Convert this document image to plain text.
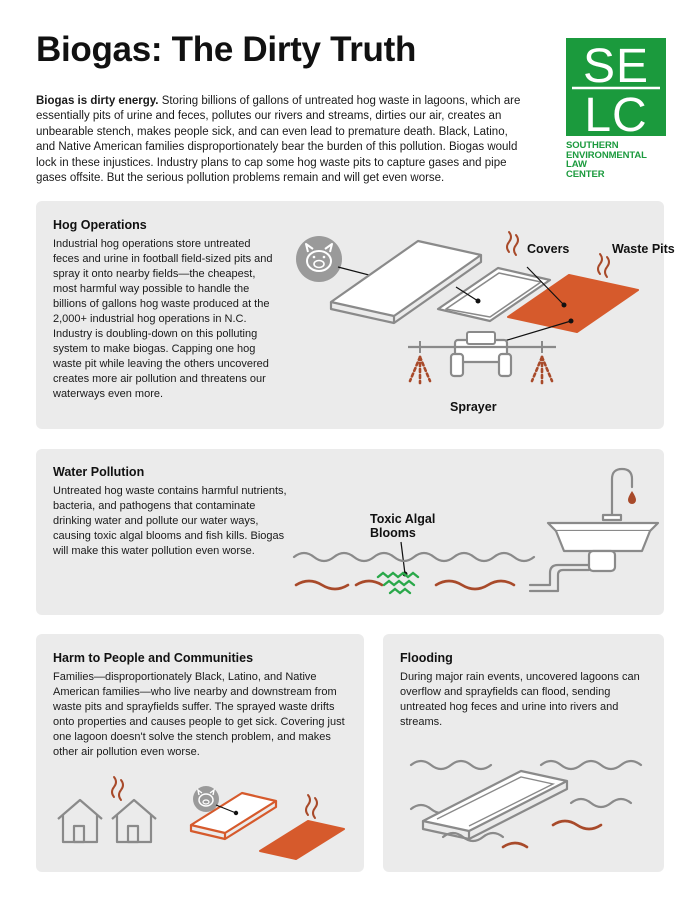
Biogas: The Dirty Truth
Biogas is dirty energy. Storing billions of gallons of untreated hog waste in lagoons, which are essentially pits of urine and feces, pollutes our rivers and streams, dirties our air, creates an unbearable stench, makes people sick, and can even lead to premature death. Black, Latino, and Native American families disproportionately bear the burden of this pollution. Biogas would lock in these injustices. Industry plans to cap some hog waste pits to capture gases and pipe gases offsite. But the serious pollution problems remain and will get even worse.
SE
LC
SOUTHERN
ENVIRONMENTAL
LAW
CENTER
Hog Operations
Industrial hog operations store untreated feces and urine in football field-sized pits and spray it onto nearby fields—the cheapest, most harmful way possible to handle the billions of gallons hog waste produced at the 2,000+ industrial hog operations in N.C. Industry is doubling-down on this polluting system to make biogas. Capping one hog waste pit while leaving the others uncovered creates more air pollution and threatens our waterways even more.
Covers	Waste Pits
Sprayer
Water Pollution
Untreated hog waste contains harmful nutrients, bacteria, and pathogens that contaminate drinking water and pollute our water ways, causing toxic algal blooms and fish kills. Biogas will make this water pollution even worse.
Toxic Algal
Blooms
Harm to People and Communities
Families—disproportionately Black, Latino, and Native American families—who live nearby and downstream from waste pits and sprayfields suffer. The sprayed waste drifts onto properties and causes people to get sick. Covering just one lagoon doesn't solve the stench problem, and makes other air pollution even worse.
Flooding
During major rain events, uncovered lagoons can overflow and sprayfields can flood, sending untreated hog feces and urine into rivers and streams.
